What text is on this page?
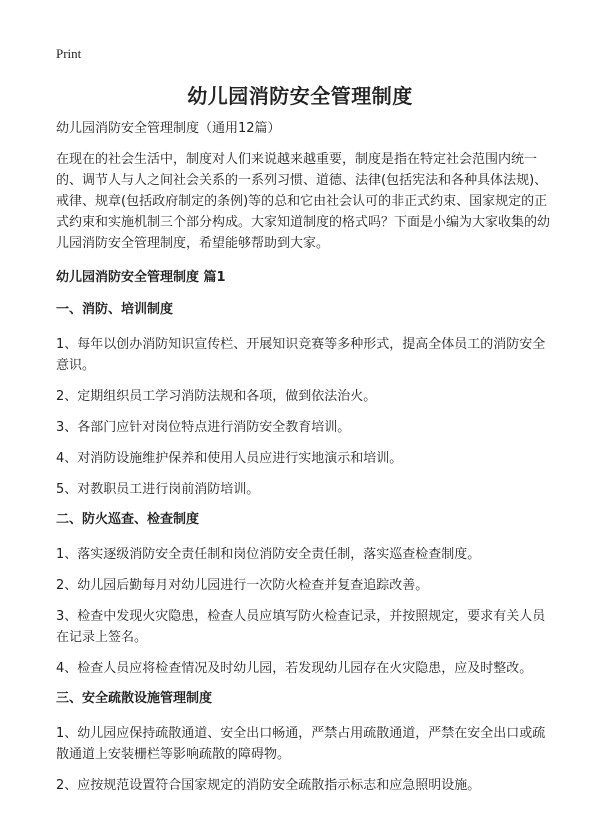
Print
幼儿园消防安全管理制度

幼儿园消防安全管理制度（通用12篇）

在现在的社会生活中，制度对人们来说越来越重要，制度是指在特定社会范围内统一的、调节人与人之间社会关系的一系列习惯、道德、法律(包括宪法和各种具体法规)、戒律、规章(包括政府制定的条例)等的总和它由社会认可的非正式约束、国家规定的正式约束和实施机制三个部分构成。大家知道制度的格式吗？下面是小编为大家收集的幼儿园消防安全管理制度，希望能够帮助到大家。

幼儿园消防安全管理制度 篇1

一、消防、培训制度

1、每年以创办消防知识宣传栏、开展知识竞赛等多种形式，提高全体员工的消防安全意识。

2、定期组织员工学习消防法规和各项，做到依法治火。

3、各部门应针对岗位特点进行消防安全教育培训。

4、对消防设施维护保养和使用人员应进行实地演示和培训。

5、对教职员工进行岗前消防培训。

二、防火巡查、检查制度

1、落实逐级消防安全责任制和岗位消防安全责任制，落实巡查检查制度。

2、幼儿园后勤每月对幼儿园进行一次防火检查并复查追踪改善。

3、检查中发现火灾隐患，检查人员应填写防火检查记录，并按照规定，要求有关人员在记录上签名。

4、检查人员应将检查情况及时幼儿园，若发现幼儿园存在火灾隐患，应及时整改。

三、安全疏散设施管理制度

1、幼儿园应保持疏散通道、安全出口畅通，严禁占用疏散通道，严禁在安全出口或疏散通道上安装栅栏等影响疏散的障碍物。

2、应按规范设置符合国家规定的消防安全疏散指示标志和应急照明设施。
